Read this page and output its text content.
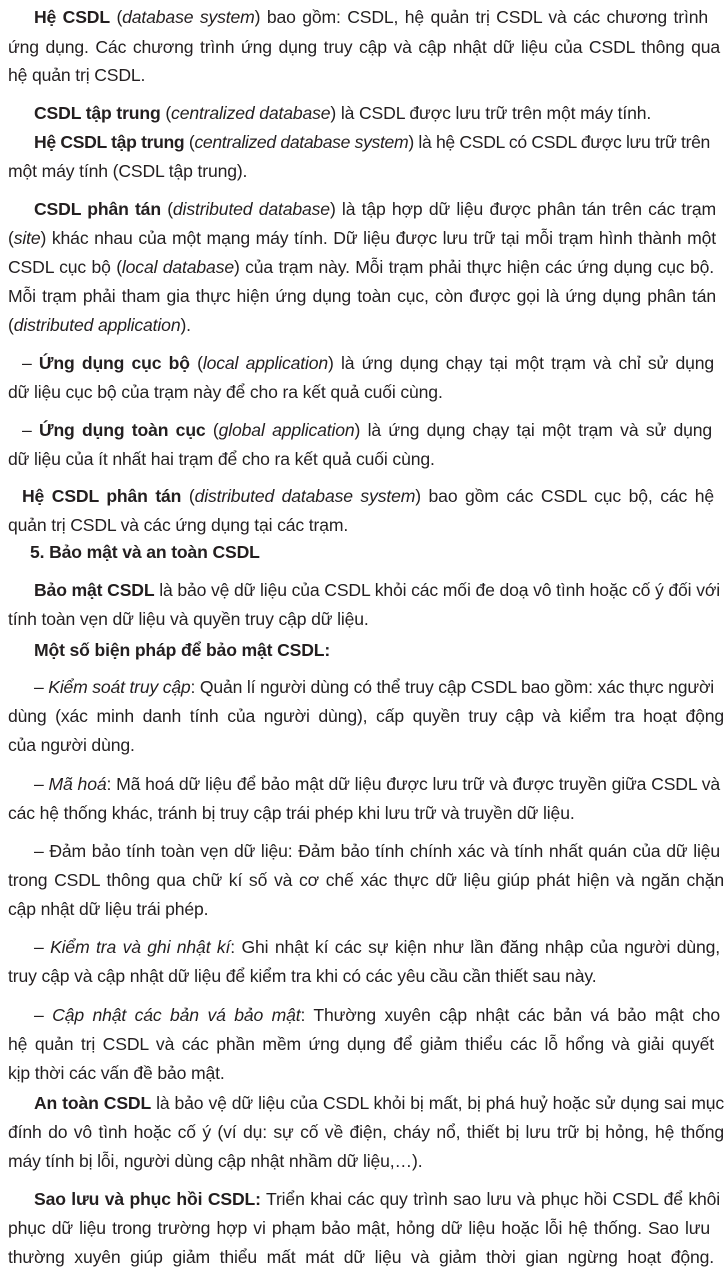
Hệ CSDL (database system) bao gồm: CSDL, hệ quản trị CSDL và các chương trình
ứng dụng. Các chương trình ứng dụng truy cập và cập nhật dữ liệu của CSDL thông qua
hệ quản trị CSDL.
CSDL tập trung (centralized database) là CSDL được lưu trữ trên một máy tính.
Hệ CSDL tập trung (centralized database system) là hệ CSDL có CSDL được lưu trữ trên
một máy tính (CSDL tập trung).
CSDL phân tán (distributed database) là tập hợp dữ liệu được phân tán trên các trạm
(site) khác nhau của một mạng máy tính. Dữ liệu được lưu trữ tại mỗi trạm hình thành một
CSDL cục bộ (local database) của trạm này. Mỗi trạm phải thực hiện các ứng dụng cục bộ.
Mỗi trạm phải tham gia thực hiện ứng dụng toàn cục, còn được gọi là ứng dụng phân tán
(distributed application).
– Ứng dụng cục bộ (local application) là ứng dụng chạy tại một trạm và chỉ sử dụng
dữ liệu cục bộ của trạm này để cho ra kết quả cuối cùng.
– Ứng dụng toàn cục (global application) là ứng dụng chạy tại một trạm và sử dụng
dữ liệu của ít nhất hai trạm để cho ra kết quả cuối cùng.
Hệ CSDL phân tán (distributed database system) bao gồm các CSDL cục bộ, các hệ
quản trị CSDL và các ứng dụng tại các trạm.
5. Bảo mật và an toàn CSDL
Bảo mật CSDL là bảo vệ dữ liệu của CSDL khỏi các mối đe doạ vô tình hoặc cố ý đối với
tính toàn vẹn dữ liệu và quyền truy cập dữ liệu.
Một số biện pháp để bảo mật CSDL:
– Kiểm soát truy cập: Quản lí người dùng có thể truy cập CSDL bao gồm: xác thực người
dùng (xác minh danh tính của người dùng), cấp quyền truy cập và kiểm tra hoạt động
của người dùng.
– Mã hoá: Mã hoá dữ liệu để bảo mật dữ liệu được lưu trữ và được truyền giữa CSDL và
các hệ thống khác, tránh bị truy cập trái phép khi lưu trữ và truyền dữ liệu.
– Đảm bảo tính toàn vẹn dữ liệu: Đảm bảo tính chính xác và tính nhất quán của dữ liệu
trong CSDL thông qua chữ kí số và cơ chế xác thực dữ liệu giúp phát hiện và ngăn chặn
cập nhật dữ liệu trái phép.
– Kiểm tra và ghi nhật kí: Ghi nhật kí các sự kiện như lần đăng nhập của người dùng,
truy cập và cập nhật dữ liệu để kiểm tra khi có các yêu cầu cần thiết sau này.
– Cập nhật các bản vá bảo mật: Thường xuyên cập nhật các bản vá bảo mật cho
hệ quản trị CSDL và các phần mềm ứng dụng để giảm thiểu các lỗ hổng và giải quyết
kịp thời các vấn đề bảo mật.
An toàn CSDL là bảo vệ dữ liệu của CSDL khỏi bị mất, bị phá huỷ hoặc sử dụng sai mục
đính do vô tình hoặc cố ý (ví dụ: sự cố về điện, cháy nổ, thiết bị lưu trữ bị hỏng, hệ thống
máy tính bị lỗi, người dùng cập nhật nhầm dữ liệu,…).
Sao lưu và phục hồi CSDL: Triển khai các quy trình sao lưu và phục hồi CSDL để khôi
phục dữ liệu trong trường hợp vi phạm bảo mật, hỏng dữ liệu hoặc lỗi hệ thống. Sao lưu
thường xuyên giúp giảm thiểu mất mát dữ liệu và giảm thời gian ngừng hoạt động.
